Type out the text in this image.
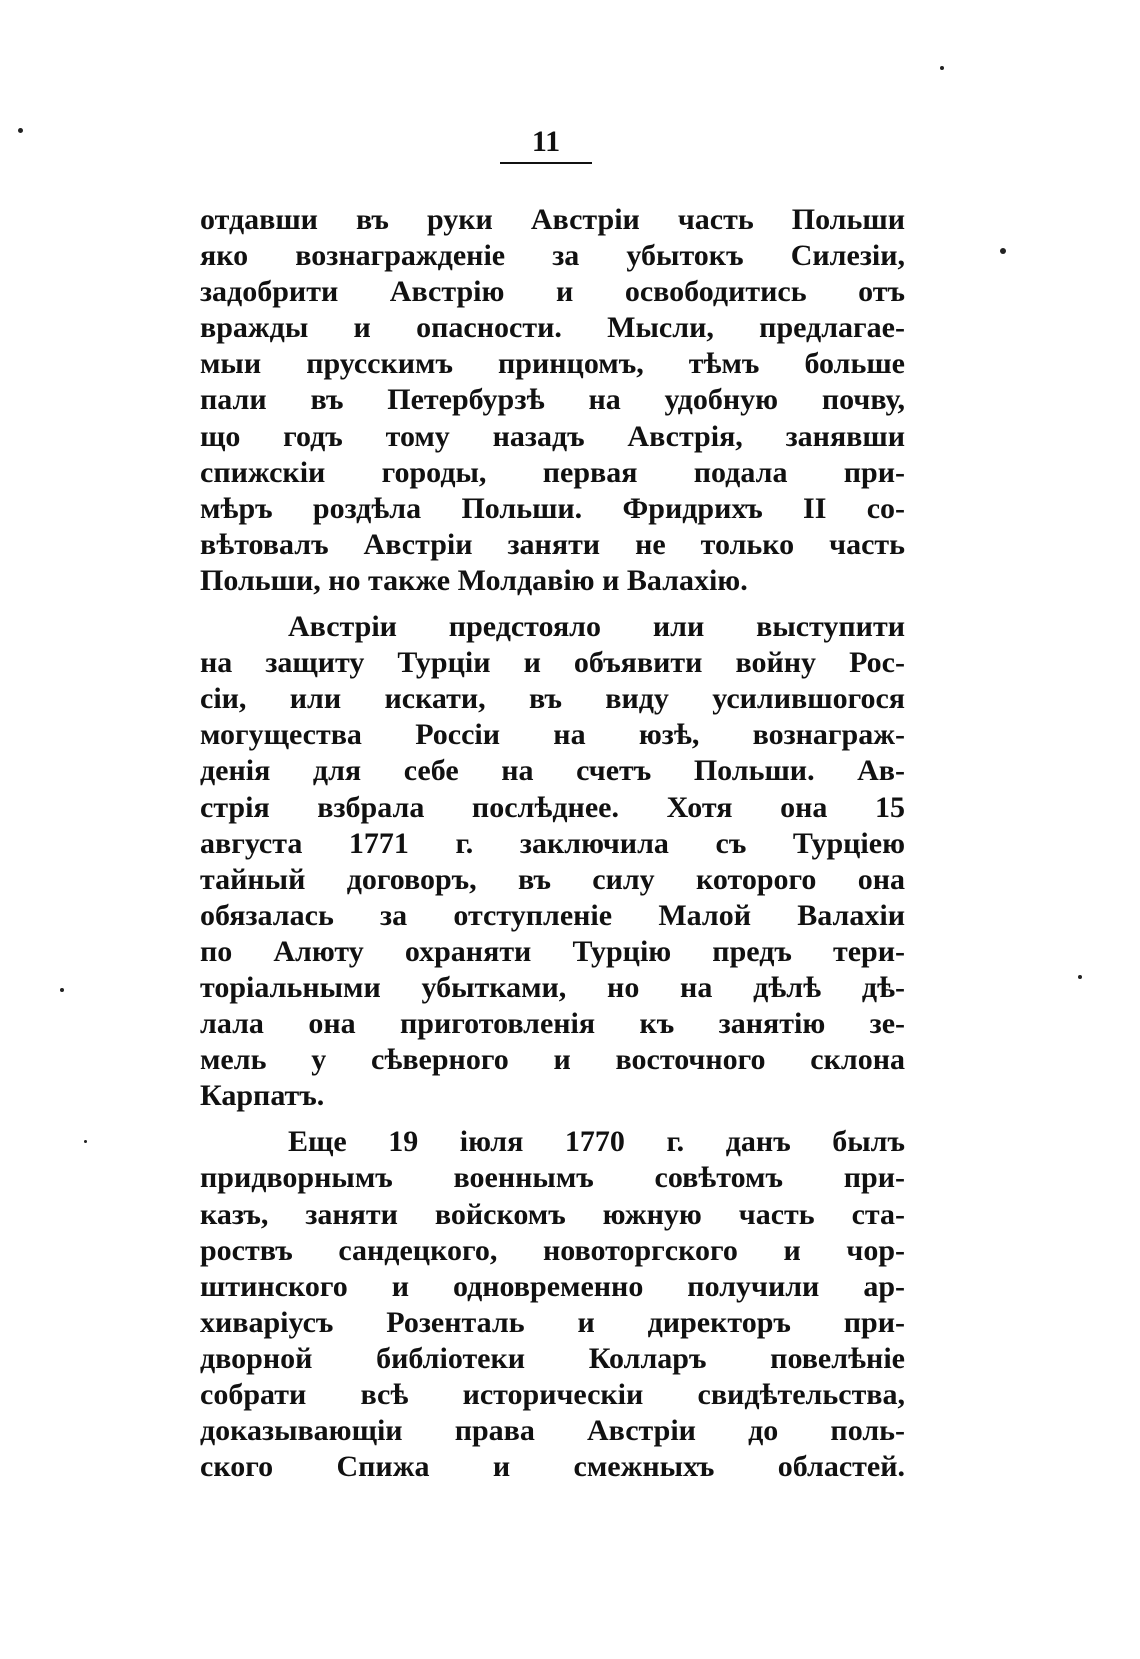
11

отдавши въ руки Австріи часть Польши

яко вознагражденіе за убытокъ Силезіи,

задобрити Австрію и освободитись отъ

вражды и опасности. Мысли, предлагае-

мыи прусскимъ принцомъ, тѣмъ больше

пали въ Петербурзѣ на удобную почву,

що годъ тому назадъ Австрія, занявши

спижскіи городы, первая подала при-

мѣръ роздѣла Польши. Фридрихъ II со-

вѣтовалъ Австріи заняти не только часть

Польши, но также Молдавію и Валахію.

Австріи предстояло или выступити

на защиту Турціи и объявити войну Рос-

сіи, или искати, въ виду усилившогося

могущества Россіи на юзѣ, вознаграж-

денія для себе на счетъ Польши. Ав-

стрія взбрала послѣднее. Хотя она 15

августа 1771 г. заключила съ Турціею

тайный договоръ, въ силу которого она

обязалась за отступленіе Малой Валахіи

по Алюту охраняти Турцію предъ тери-

торіальными убытками, но на дѣлѣ дѣ-

лала она приготовленія къ занятію зе-

мель у сѣверного и восточного склона

Карпатъ.

Еще 19 іюля 1770 г. данъ былъ

придворнымъ военнымъ совѣтомъ при-

казъ, заняти войскомъ южную часть ста-

роствъ сандецкого, новоторгского и чор-

штинского и одновременно получили ар-

хиваріусъ Розенталь и директоръ при-

дворной библіотеки Колларъ повелѣніе

собрати всѣ историческіи свидѣтельства,

доказывающіи права Австріи до поль-

ского Спижа и смежныхъ областей.
